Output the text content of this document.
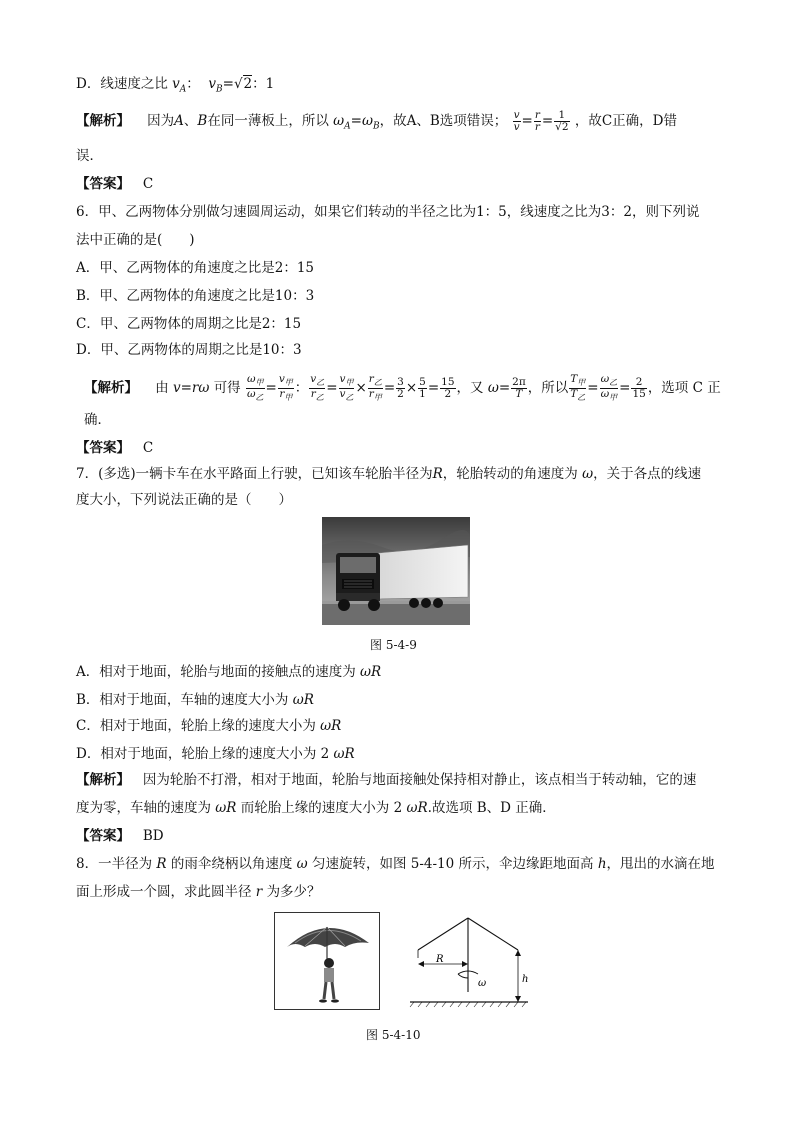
D．线速度之比 $v_A$： $v_B=√2$：1
【解析】 因为A、B在同一薄板上，所以 $\omega_A=\omega_B$，故A、B选项错误； $\frac{v}{v} = \frac{r}{r} = \frac{1}{√2}$ ，故C正确，D错
误．
【答案】 C
6．甲、乙两物体分别做匀速圆周运动，如果它们转动的半径之比为1：5，线速度之比为3：2，则下列说
法中正确的是(　　)
A．甲、乙两物体的角速度之比是2：15
B．甲、乙两物体的角速度之比是10：3
C．甲、乙两物体的周期之比是2：15
D．甲、乙两物体的周期之比是10：3
【解析】 由 v=rω 可得 $\frac{\omega_甲}{\omega_乙} = \frac{v_甲}{r_甲}$ ： $\frac{v_乙}{r_乙} = \frac{v_甲}{v_乙} \times \frac{r_乙}{r_甲} = \frac{3}{2} \times \frac{5}{1} = \frac{15}{2}$ ，又 $\omega= \frac{2\pi}{T}$ ，所以 $\frac{T_甲}{T_乙} = \frac{\omega_乙}{\omega_甲} = \frac{2}{15}$ ，选项 C 正
确．
【答案】 C
7．(多选)一辆卡车在水平路面上行驶，已知该车轮胎半径为R，轮胎转动的角速度为 ω，关于各点的线速
度大小，下列说法正确的是（　　）
图 5-4-9
A．相对于地面，轮胎与地面的接触点的速度为 ωR
B．相对于地面，车轴的速度大小为 ωR
C．相对于地面，轮胎上缘的速度大小为 ωR
D．相对于地面，轮胎上缘的速度大小为 2 ωR
【解析】 因为轮胎不打滑，相对于地面，轮胎与地面接触处保持相对静止，该点相当于转动轴，它的速
度为零，车轴的速度为 ωR 而轮胎上缘的速度大小为 2 ωR.故选项 B、D 正确．
【答案】 BD
8．一半径为 R 的雨伞绕柄以角速度 ω 匀速旋转，如图 5-4-10 所示，伞边缘距地面高 h，甩出的水滴在地
面上形成一个圆，求此圆半径 r 为多少？
R
ω	h
图 5-4-10
